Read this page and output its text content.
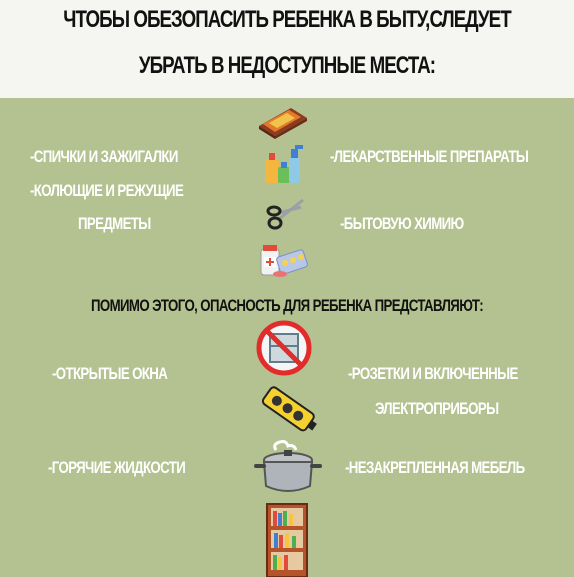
ЧТОБЫ ОБЕЗОПАСИТЬ РЕБЕНКА В БЫТУ,СЛЕДУЕТ
УБРАТЬ В НЕДОСТУПНЫЕ МЕСТА:
-СПИЧКИ И ЗАЖИГАЛКИ
-КОЛЮЩИЕ И РЕЖУЩИЕ
ПРЕДМЕТЫ
-ЛЕКАРСТВЕННЫЕ ПРЕПАРАТЫ
-БЫТОВУЮ ХИМИЮ
ПОМИМО ЭТОГО, ОПАСНОСТЬ ДЛЯ РЕБЕНКА ПРЕДСТАВЛЯЮТ:
-ОТКРЫТЫЕ ОКНА	-РОЗЕТКИ И ВКЛЮЧЕННЫЕ
ЭЛЕКТРОПРИБОРЫ
-ГОРЯЧИЕ ЖИДКОСТИ	-НЕЗАКРЕПЛЕННАЯ МЕБЕЛЬ
